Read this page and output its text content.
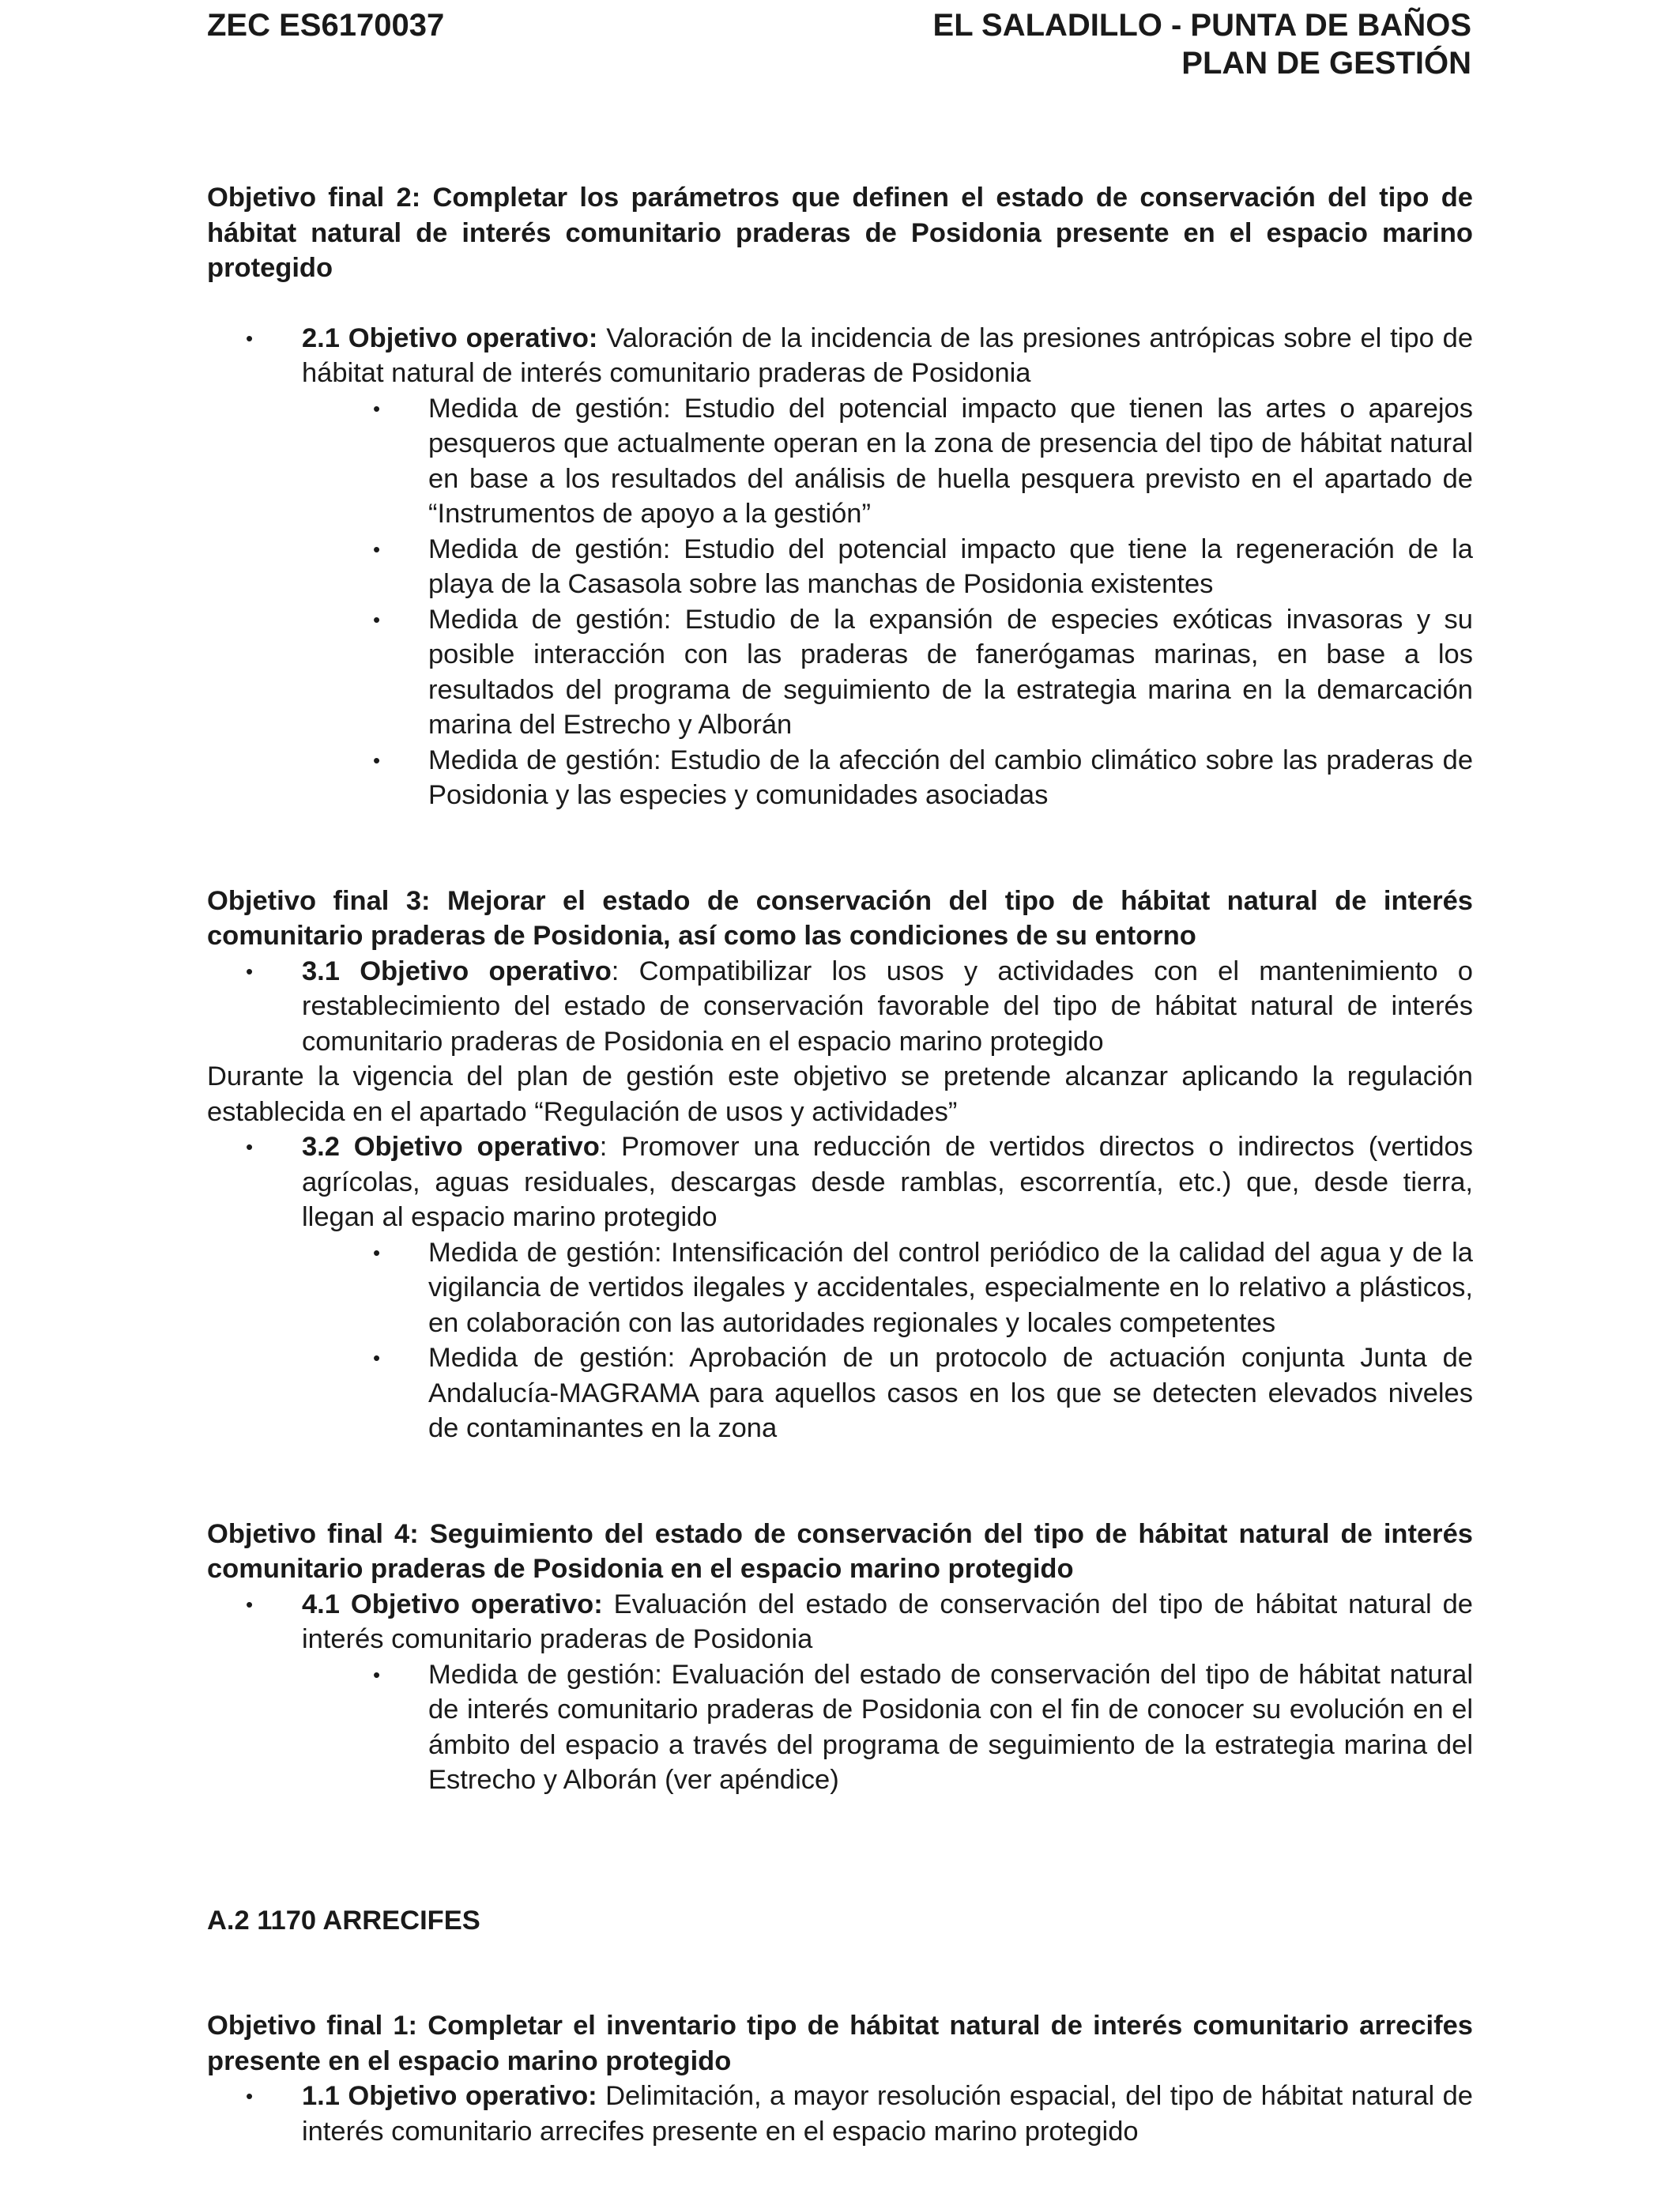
ZEC ES6170037	EL SALADILLO - PUNTA DE BAÑOS
PLAN DE GESTIÓN

Objetivo final 2: Completar los parámetros que definen el estado de conservación del tipo de hábitat natural de interés comunitario praderas de Posidonia presente en el espacio marino protegido

• 2.1 Objetivo operativo: Valoración de la incidencia de las presiones antrópicas sobre el tipo de hábitat natural de interés comunitario praderas de Posidonia
• Medida de gestión: Estudio del potencial impacto que tienen las artes o aparejos pesqueros que actualmente operan en la zona de presencia del tipo de hábitat natural en base a los resultados del análisis de huella pesquera previsto en el apartado de “Instrumentos de apoyo a la gestión”
• Medida de gestión: Estudio del potencial impacto que tiene la regeneración de la playa de la Casasola sobre las manchas de Posidonia existentes
• Medida de gestión: Estudio de la expansión de especies exóticas invasoras y su posible interacción con las praderas de fanerógamas marinas, en base a los resultados del programa de seguimiento de la estrategia marina en la demarcación marina del Estrecho y Alborán
• Medida de gestión: Estudio de la afección del cambio climático sobre las praderas de Posidonia y las especies y comunidades asociadas

Objetivo final 3: Mejorar el estado de conservación del tipo de hábitat natural de interés comunitario praderas de Posidonia, así como las condiciones de su entorno

• 3.1 Objetivo operativo: Compatibilizar los usos y actividades con el mantenimiento o restablecimiento del estado de conservación favorable del tipo de hábitat natural de interés comunitario praderas de Posidonia en el espacio marino protegido

Durante la vigencia del plan de gestión este objetivo se pretende alcanzar aplicando la regulación establecida en el apartado “Regulación de usos y actividades”

• 3.2 Objetivo operativo: Promover una reducción de vertidos directos o indirectos (vertidos agrícolas, aguas residuales, descargas desde ramblas, escorrentía, etc.) que, desde tierra, llegan al espacio marino protegido
• Medida de gestión: Intensificación del control periódico de la calidad del agua y de la vigilancia de vertidos ilegales y accidentales, especialmente en lo relativo a plásticos, en colaboración con las autoridades regionales y locales competentes
• Medida de gestión: Aprobación de un protocolo de actuación conjunta Junta de Andalucía-MAGRAMA para aquellos casos en los que se detecten elevados niveles de contaminantes en la zona

Objetivo final 4: Seguimiento del estado de conservación del tipo de hábitat natural de interés comunitario praderas de Posidonia en el espacio marino protegido

• 4.1 Objetivo operativo: Evaluación del estado de conservación del tipo de hábitat natural de interés comunitario praderas de Posidonia
• Medida de gestión: Evaluación del estado de conservación del tipo de hábitat natural de interés comunitario praderas de Posidonia con el fin de conocer su evolución en el ámbito del espacio a través del programa de seguimiento de la estrategia marina del Estrecho y Alborán (ver apéndice)

A.2 1170 ARRECIFES

Objetivo final 1: Completar el inventario tipo de hábitat natural de interés comunitario arrecifes presente en el espacio marino protegido

• 1.1 Objetivo operativo: Delimitación, a mayor resolución espacial, del tipo de hábitat natural de interés comunitario arrecifes presente en el espacio marino protegido
